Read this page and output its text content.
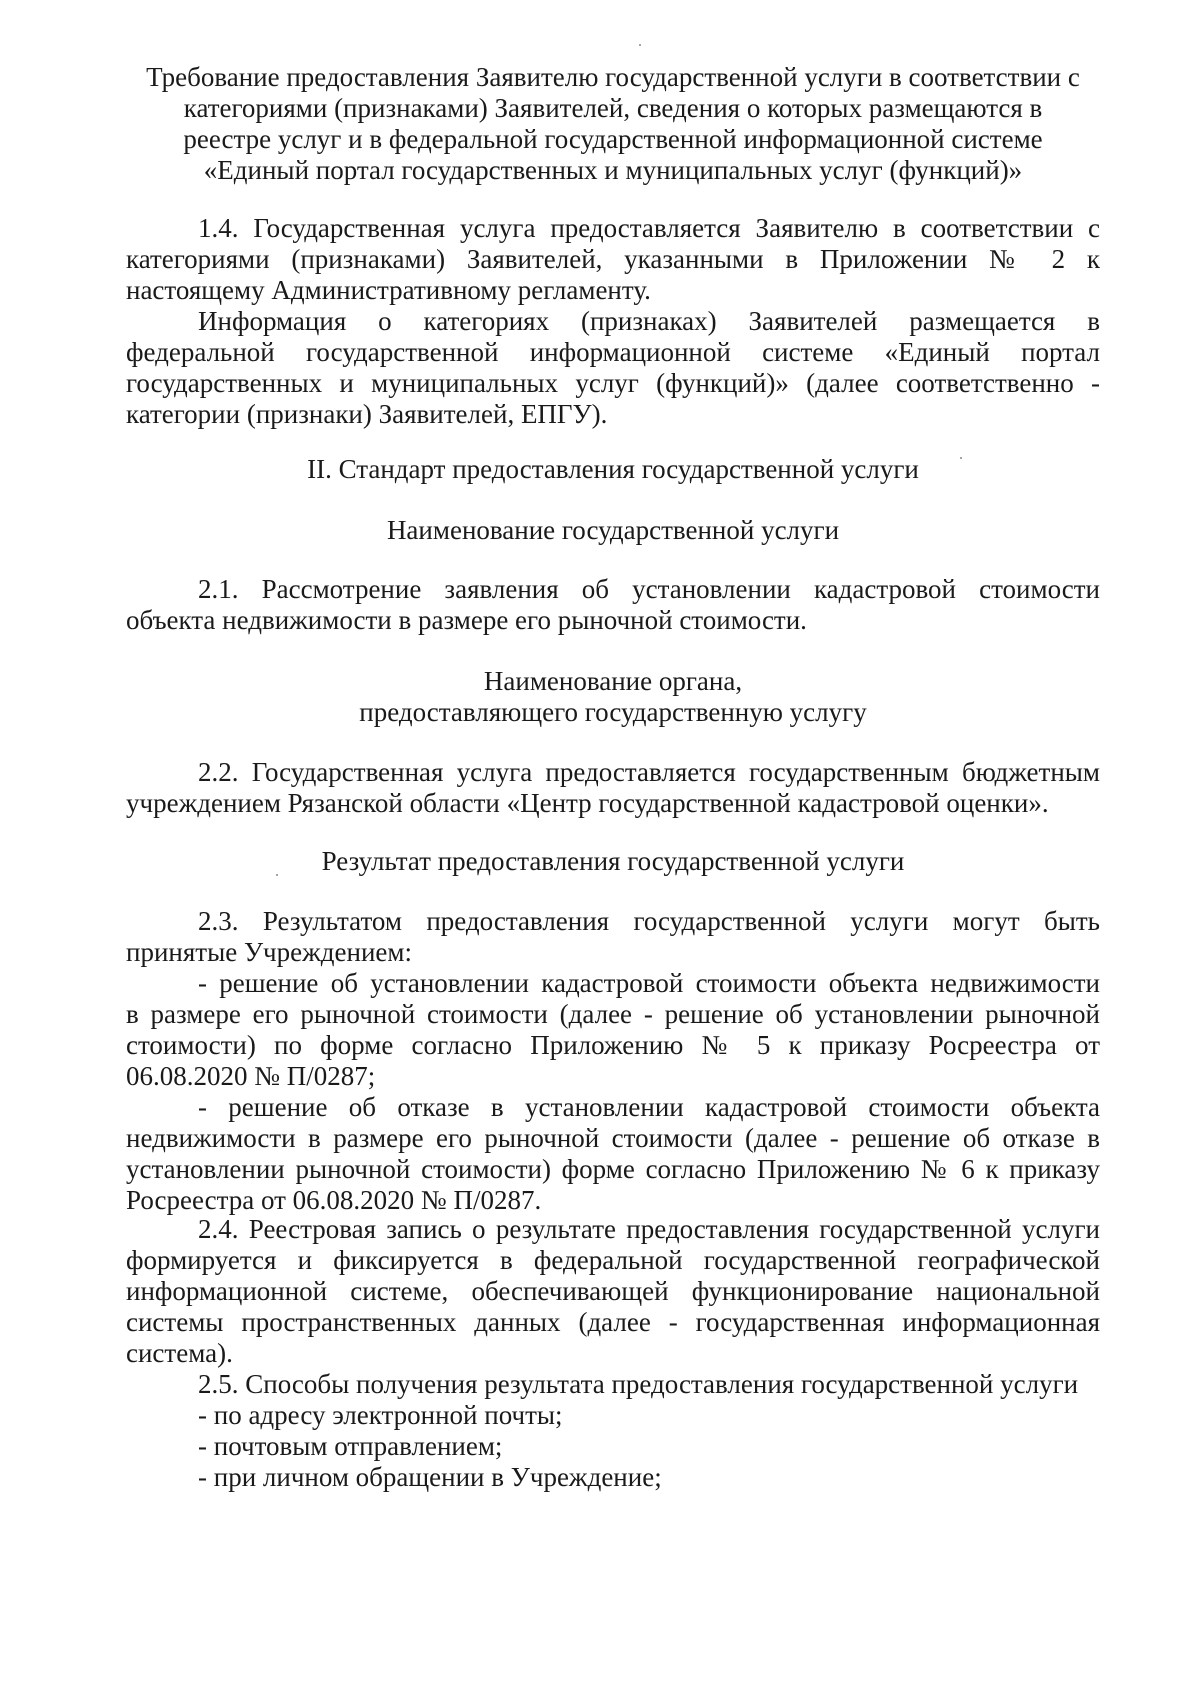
Требование предоставления Заявителю государственной услуги в соответствии с
категориями (признаками) Заявителей, сведения о которых размещаются в
реестре услуг и в федеральной государственной информационной системе
«Единый портал государственных и муниципальных услуг (функций)»
1.4. Государственная услуга предоставляется Заявителю в соответствии с
категориями (признаками) Заявителей, указанными в Приложении № 2 к
настоящему Административному регламенту.
Информация о категориях (признаках) Заявителей размещается в
федеральной государственной информационной системе «Единый портал
государственных и муниципальных услуг (функций)» (далее соответственно -
категории (признаки) Заявителей, ЕПГУ).
II. Стандарт предоставления государственной услуги
Наименование государственной услуги
2.1. Рассмотрение заявления об установлении кадастровой стоимости
объекта недвижимости в размере его рыночной стоимости.
Наименование органа,
предоставляющего государственную услугу
2.2. Государственная услуга предоставляется государственным бюджетным
учреждением Рязанской области «Центр государственной кадастровой оценки».
Результат предоставления государственной услуги
2.3. Результатом предоставления государственной услуги могут быть
принятые Учреждением:
- решение об установлении кадастровой стоимости объекта недвижимости
в размере его рыночной стоимости (далее - решение об установлении рыночной
стоимости) по форме согласно Приложению № 5 к приказу Росреестра от
06.08.2020 № П/0287;
- решение об отказе в установлении кадастровой стоимости объекта
недвижимости в размере его рыночной стоимости (далее - решение об отказе в
установлении рыночной стоимости) форме согласно Приложению № 6 к приказу
Росреестра от 06.08.2020 № П/0287.
2.4. Реестровая запись о результате предоставления государственной услуги
формируется и фиксируется в федеральной государственной географической
информационной системе, обеспечивающей функционирование национальной
системы пространственных данных (далее - государственная информационная
система).
2.5. Способы получения результата предоставления государственной услуги
- по адресу электронной почты;
- почтовым отправлением;
- при личном обращении в Учреждение;
